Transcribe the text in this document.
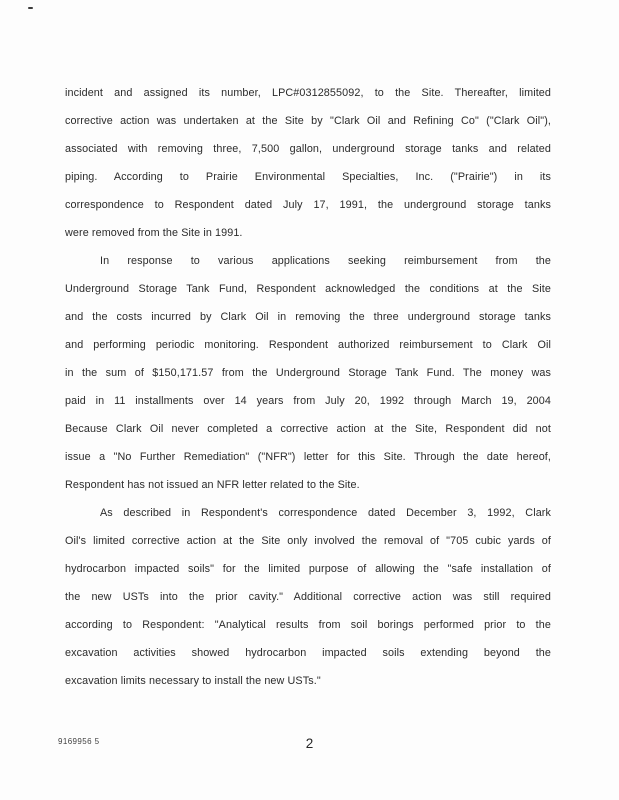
incident and assigned its number, LPC#0312855092, to the Site. Thereafter, limited
corrective action was undertaken at the Site by "Clark Oil and Refining Co" ("Clark Oil"),
associated with removing three, 7,500 gallon, underground storage tanks and related
piping. According to Prairie Environmental Specialties, Inc. ("Prairie") in its
correspondence to Respondent dated July 17, 1991, the underground storage tanks
were removed from the Site in 1991.
In response to various applications seeking reimbursement from the
Underground Storage Tank Fund, Respondent acknowledged the conditions at the Site
and the costs incurred by Clark Oil in removing the three underground storage tanks
and performing periodic monitoring. Respondent authorized reimbursement to Clark Oil
in the sum of $150,171.57 from the Underground Storage Tank Fund. The money was
paid in 11 installments over 14 years from July 20, 1992 through March 19, 2004
Because Clark Oil never completed a corrective action at the Site, Respondent did not
issue a "No Further Remediation" ("NFR") letter for this Site. Through the date hereof,
Respondent has not issued an NFR letter related to the Site.
As described in Respondent's correspondence dated December 3, 1992, Clark
Oil's limited corrective action at the Site only involved the removal of "705 cubic yards of
hydrocarbon impacted soils" for the limited purpose of allowing the "safe installation of
the new USTs into the prior cavity." Additional corrective action was still required
according to Respondent: "Analytical results from soil borings performed prior to the
excavation activities showed hydrocarbon impacted soils extending beyond the
excavation limits necessary to install the new USTs."
9169956 5	2
